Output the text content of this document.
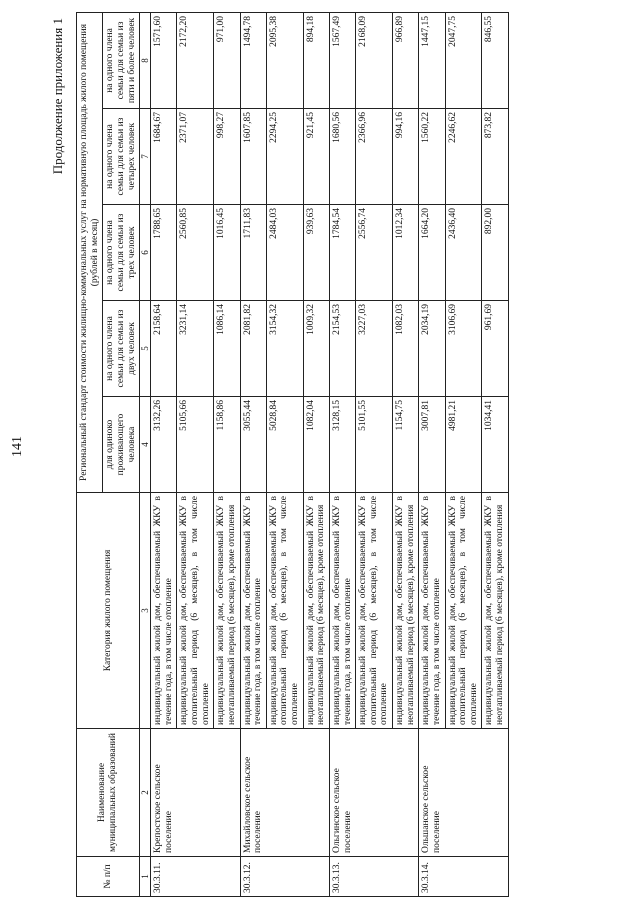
141
Продолжение приложения 1
№ п/п	Наименование муниципальных образований	Категория жилого помещения	Региональный стандарт стоимости жилищно-коммунальных услуг на нормативную площадь жилого помещения (рублей в месяц)				
			для одиноко проживающего человека	на одного члена семьи для семьи из двух человек	на одного члена семьи для семьи из трех человек	на одного члена семьи для семьи из четырех человек	на одного члена семьи для семьи из пяти и более человек
1	2	3	4	5	6	7	8
30.3.11.	Крепостское сельское поселение	индивидуальный жилой дом, обеспечиваемый ЖКУ в течение года, в том числе отопление	3132,26	2158,64	1788,65	1684,67	1571,60
		индивидуальный жилой дом, обеспечиваемый ЖКУ в отопительный период (6 месяцев), в том числе отопление	5105,66	3231,14	2560,85	2371,07	2172,20
		индивидуальный жилой дом, обеспечиваемый ЖКУ в неотапливаемый период (6 месяцев), кроме отопления	1158,86	1086,14	1016,45	998,27	971,00
30.3.12.	Михайловское сельское поселение	индивидуальный жилой дом, обеспечиваемый ЖКУ в течение года, в том числе отопление	3055,44	2081,82	1711,83	1607,85	1494,78
		индивидуальный жилой дом, обеспечиваемый ЖКУ в отопительный период (6 месяцев), в том числе отопление	5028,84	3154,32	2484,03	2294,25	2095,38
		индивидуальный жилой дом, обеспечиваемый ЖКУ в неотапливаемый период (6 месяцев), кроме отопления	1082,04	1009,32	939,63	921,45	894,18
30.3.13.	Ольгинское сельское поселение	индивидуальный жилой дом, обеспечиваемый ЖКУ в течение года, в том числе отопление	3128,15	2154,53	1784,54	1680,56	1567,49
		индивидуальный жилой дом, обеспечиваемый ЖКУ в отопительный период (6 месяцев), в том числе отопление	5101,55	3227,03	2556,74	2366,96	2168,09
		индивидуальный жилой дом, обеспечиваемый ЖКУ в неотапливаемый период (6 месяцев), кроме отопления	1154,75	1082,03	1012,34	994,16	966,89
30.3.14.	Ольшанское сельское поселение	индивидуальный жилой дом, обеспечиваемый ЖКУ в течение года, в том числе отопление	3007,81	2034,19	1664,20	1560,22	1447,15
		индивидуальный жилой дом, обеспечиваемый ЖКУ в отопительный период (6 месяцев), в том числе отопление	4981,21	3106,69	2436,40	2246,62	2047,75
		индивидуальный жилой дом, обеспечиваемый ЖКУ в неотапливаемый период (6 месяцев), кроме отопления	1034,41	961,69	892,00	873,82	846,55
